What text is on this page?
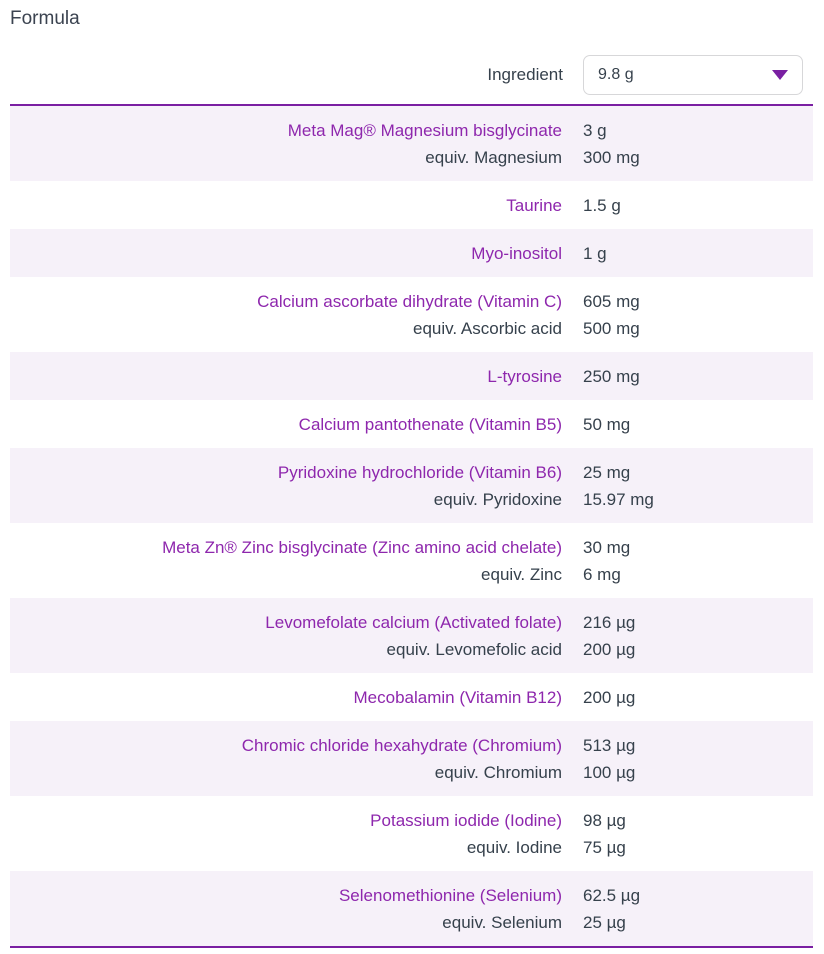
Formula
Ingredient 9.8 g
Meta Mag® Magnesium bisglycinate
equiv. Magnesium
3 g
300 mg
Taurine 1.5 g
Myo-inositol 1 g
Calcium ascorbate dihydrate (Vitamin C)
equiv. Ascorbic acid
605 mg
500 mg
L-tyrosine 250 mg
Calcium pantothenate (Vitamin B5) 50 mg
Pyridoxine hydrochloride (Vitamin B6)
equiv. Pyridoxine
25 mg
15.97 mg
Meta Zn® Zinc bisglycinate (Zinc amino acid chelate)
equiv. Zinc
30 mg
6 mg
Levomefolate calcium (Activated folate)
equiv. Levomefolic acid
216 µg
200 µg
Mecobalamin (Vitamin B12) 200 µg
Chromic chloride hexahydrate (Chromium)
equiv. Chromium
513 µg
100 µg
Potassium iodide (Iodine)
equiv. Iodine
98 µg
75 µg
Selenomethionine (Selenium)
equiv. Selenium
62.5 µg
25 µg
